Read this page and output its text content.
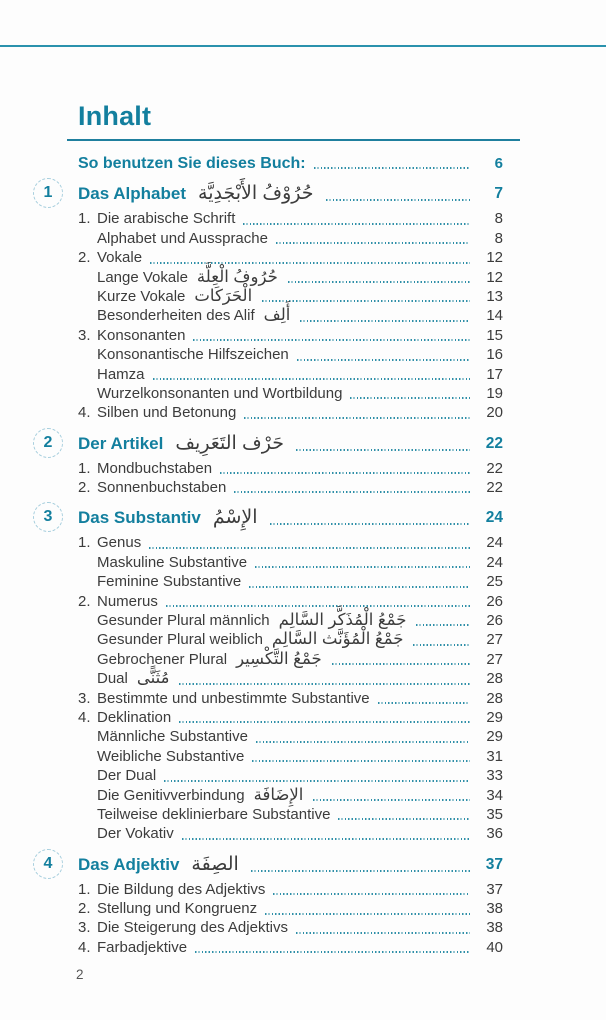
Inhalt
So benutzen Sie dieses Buch:	6
1	Das Alphabet حُرُوْفُ الأَبْجَدِيَّة	7
1. Die arabische Schrift	8
Alphabet und Aussprache	8
2. Vokale	12
Lange Vokale حُرُوفُ الْعِلَّة	12
Kurze Vokale الْحَرَكَات	13
Besonderheiten des Alif أَلِف	14
3. Konsonanten	15
Konsonantische Hilfszeichen	16
Hamza	17
Wurzelkonsonanten und Wortbildung	19
4. Silben und Betonung	20
2	Der Artikel حَرْف التَعَرِيف	22
1. Mondbuchstaben	22
2. Sonnenbuchstaben	22
3	Das Substantiv الإِسْمُ	24
1. Genus	24
Maskuline Substantive	24
Feminine Substantive	25
2. Numerus	26
Gesunder Plural männlich جَمْعُ الْمُذَكَّر السَّالِم	26
Gesunder Plural weiblich جَمْعُ الْمُؤَنَّث السَّالِم	27
Gebrochener Plural جَمْعُ التَّكْسِير	27
Dual مُثَنًّى	28
3. Bestimmte und unbestimmte Substantive	28
4. Deklination	29
Männliche Substantive	29
Weibliche Substantive	31
Der Dual	33
Die Genitivverbindung الإِضَافَة	34
Teilweise deklinierbare Substantive	35
Der Vokativ	36
4	Das Adjektiv الصِفَة	37
1. Die Bildung des Adjektivs	37
2. Stellung und Kongruenz	38
3. Die Steigerung des Adjektivs	38
4. Farbadjektive	40
2
